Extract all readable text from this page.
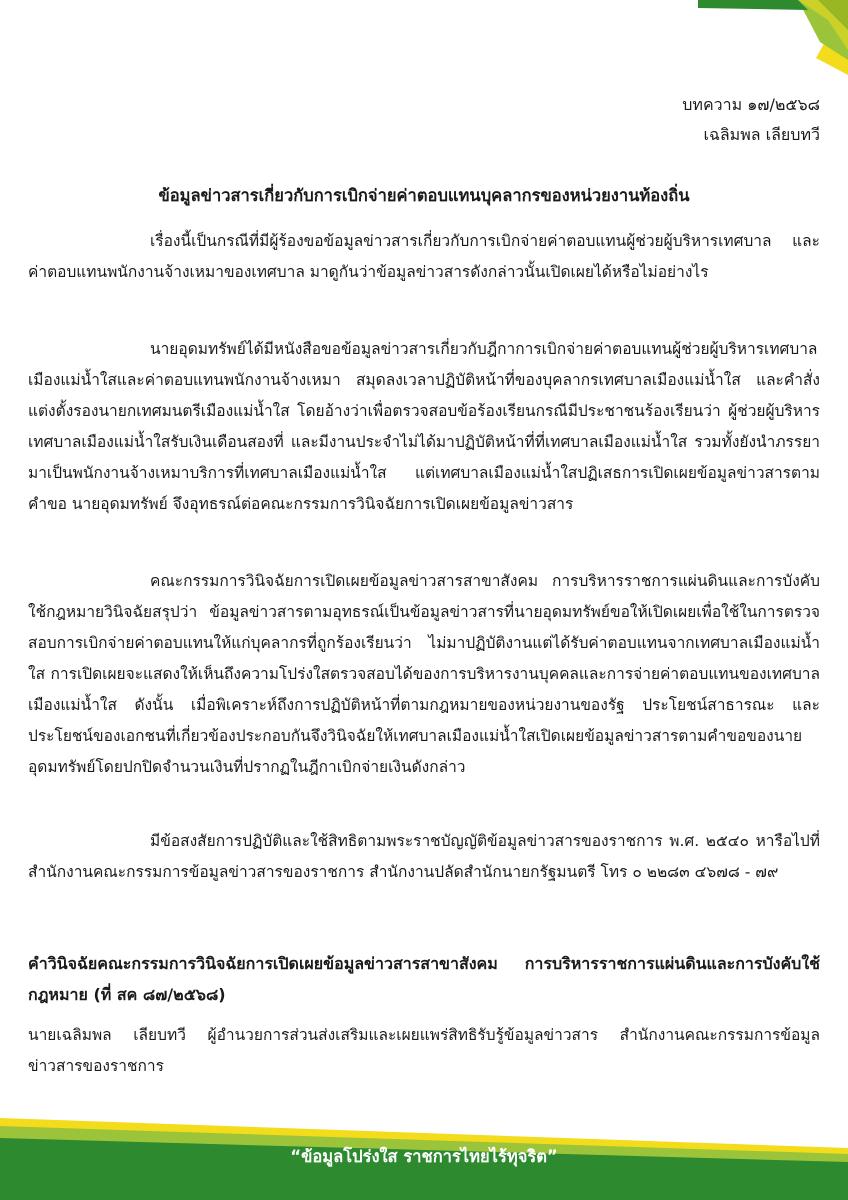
บทความ ๑๗/๒๕๖๘
เฉลิมพล เลียบทวี
ข้อมูลข่าวสารเกี่ยวกับการเบิกจ่ายค่าตอบแทนบุคลากรของหน่วยงานท้องถิ่น

เรื่องนี้เป็นกรณีที่มีผู้ร้องขอข้อมูลข่าวสารเกี่ยวกับการเบิกจ่ายค่าตอบแทนผู้ช่วยผู้บริหารเทศบาล และค่าตอบแทนพนักงานจ้างเหมาของเทศบาล มาดูกันว่าข้อมูลข่าวสารดังกล่าวนั้นเปิดเผยได้หรือไม่อย่างไร

นายอุดมทรัพย์ได้มีหนังสือขอข้อมูลข่าวสารเกี่ยวกับฎีกาการเบิกจ่ายค่าตอบแทนผู้ช่วยผู้บริหารเทศบาลเมืองแม่น้ำใสและค่าตอบแทนพนักงานจ้างเหมา สมุดลงเวลาปฏิบัติหน้าที่ของบุคลากรเทศบาลเมืองแม่น้ำใส และคำสั่งแต่งตั้งรองนายกเทศมนตรีเมืองแม่น้ำใส โดยอ้างว่าเพื่อตรวจสอบข้อร้องเรียนกรณีมีประชาชนร้องเรียนว่า ผู้ช่วยผู้บริหารเทศบาลเมืองแม่น้ำใสรับเงินเดือนสองที่ และมีงานประจำไม่ได้มาปฏิบัติหน้าที่ที่เทศบาลเมืองแม่น้ำใส รวมทั้งยังนำภรรยามาเป็นพนักงานจ้างเหมาบริการที่เทศบาลเมืองแม่น้ำใส แต่เทศบาลเมืองแม่น้ำใสปฏิเสธการเปิดเผยข้อมูลข่าวสารตามคำขอ นายอุดมทรัพย์ จึงอุทธรณ์ต่อคณะกรรมการวินิจฉัยการเปิดเผยข้อมูลข่าวสาร

คณะกรรมการวินิจฉัยการเปิดเผยข้อมูลข่าวสารสาขาสังคม การบริหารราชการแผ่นดินและการบังคับใช้กฎหมายวินิจฉัยสรุปว่า ข้อมูลข่าวสารตามอุทธรณ์เป็นข้อมูลข่าวสารที่นายอุดมทรัพย์ขอให้เปิดเผยเพื่อใช้ในการตรวจสอบการเบิกจ่ายค่าตอบแทนให้แก่บุคลากรที่ถูกร้องเรียนว่า ไม่มาปฏิบัติงานแต่ได้รับค่าตอบแทนจากเทศบาลเมืองแม่น้ำใส การเปิดเผยจะแสดงให้เห็นถึงความโปร่งใสตรวจสอบได้ของการบริหารงานบุคคลและการจ่ายค่าตอบแทนของเทศบาลเมืองแม่น้ำใส ดังนั้น เมื่อพิเคราะห์ถึงการปฏิบัติหน้าที่ตามกฎหมายของหน่วยงานของรัฐ ประโยชน์สาธารณะ และประโยชน์ของเอกชนที่เกี่ยวข้องประกอบกันจึงวินิจฉัยให้เทศบาลเมืองแม่น้ำใสเปิดเผยข้อมูลข่าวสารตามคำขอของนายอุดมทรัพย์โดยปกปิดจำนวนเงินที่ปรากฏในฎีกาเบิกจ่ายเงินดังกล่าว

มีข้อสงสัยการปฏิบัติและใช้สิทธิตามพระราชบัญญัติข้อมูลข่าวสารของราชการ พ.ศ. ๒๕๔๐ หารือไปที่สำนักงานคณะกรรมการข้อมูลข่าวสารของราชการ สำนักงานปลัดสำนักนายกรัฐมนตรี โทร ๐ ๒๒๘๓ ๔๖๗๘ - ๗๙

คำวินิจฉัยคณะกรรมการวินิจฉัยการเปิดเผยข้อมูลข่าวสารสาขาสังคม การบริหารราชการแผ่นดินและการบังคับใช้กฎหมาย (ที่ สค ๘๗/๒๕๖๘)

นายเฉลิมพล เลียบทวี ผู้อำนวยการส่วนส่งเสริมและเผยแพร่สิทธิรับรู้ข้อมูลข่าวสาร สำนักงานคณะกรรมการข้อมูลข่าวสารของราชการ

“ข้อมูลโปร่งใส ราชการไทยไร้ทุจริต”
